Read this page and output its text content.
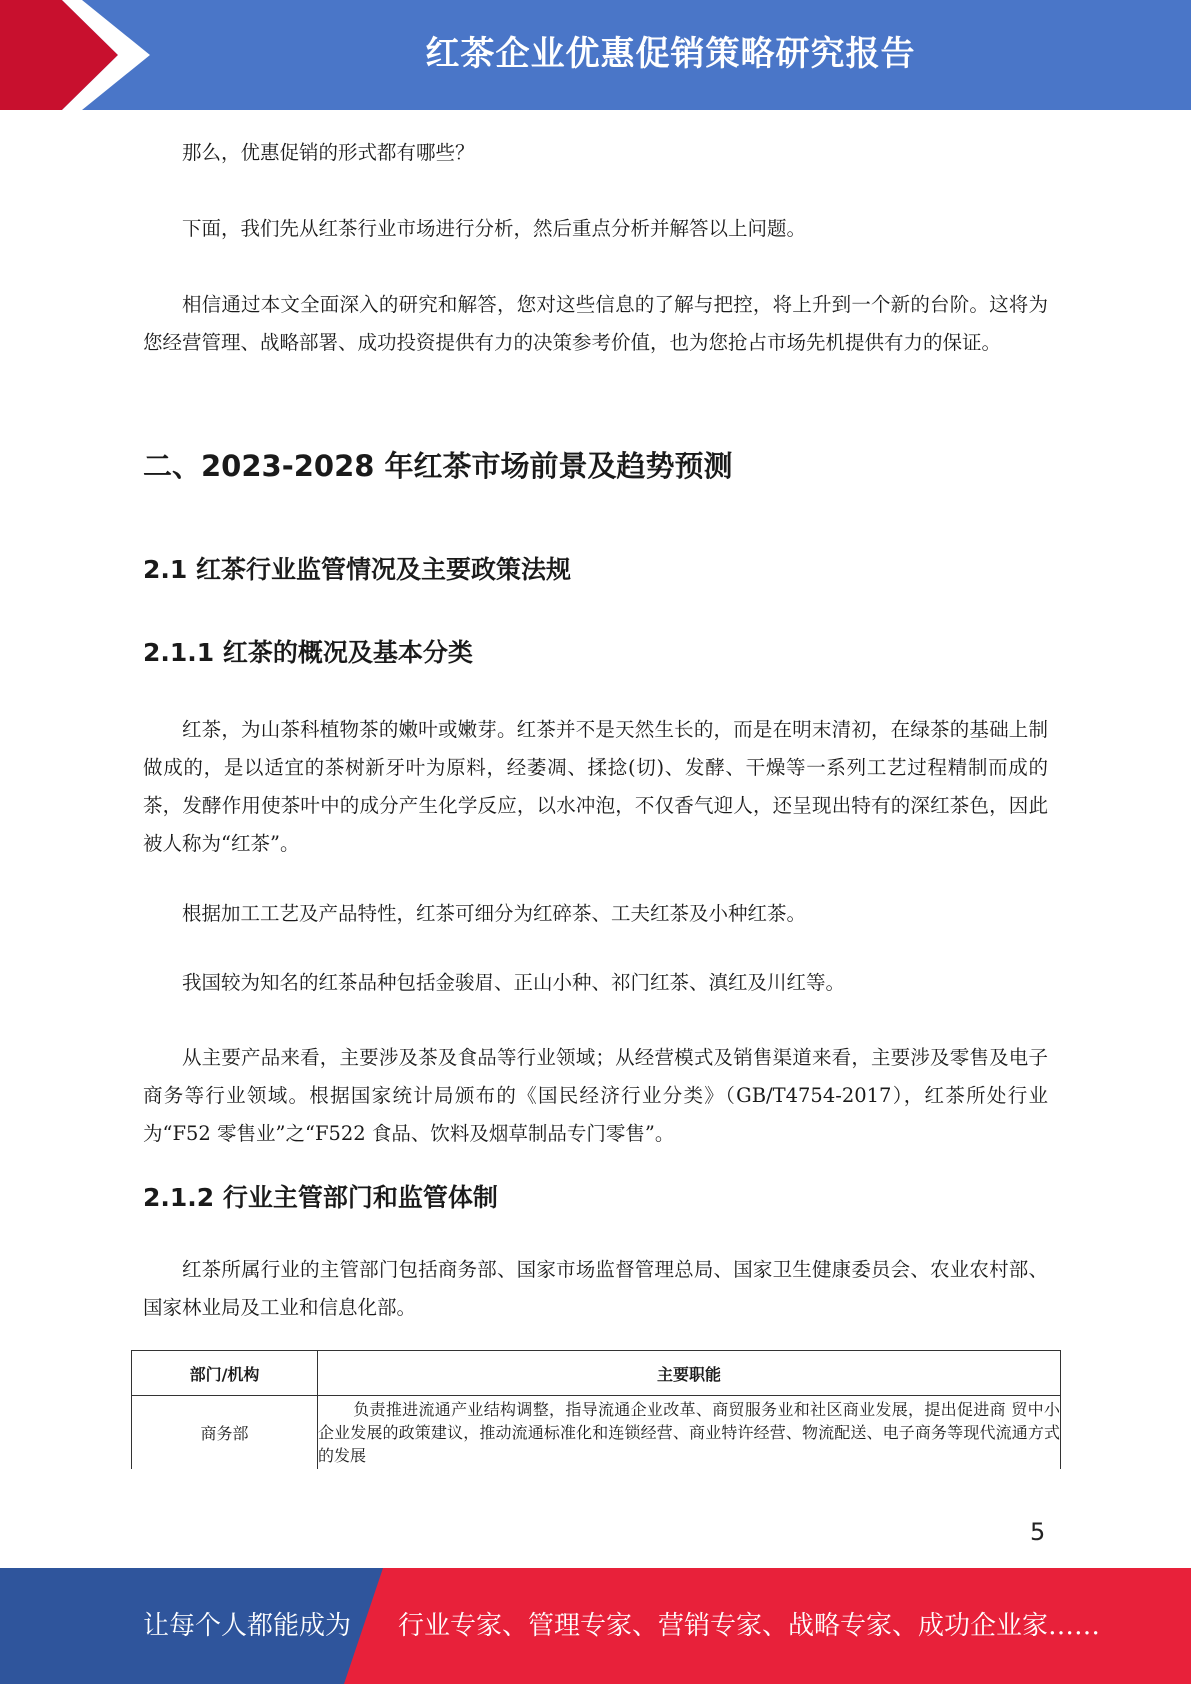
红茶企业优惠促销策略研究报告

那么，优惠促销的形式都有哪些？

下面，我们先从红茶行业市场进行分析，然后重点分析并解答以上问题。

相信通过本文全面深入的研究和解答，您对这些信息的了解与把控，将上升到一个新的台阶。这将为您经营管理、战略部署、成功投资提供有力的决策参考价值，也为您抢占市场先机提供有力的保证。

二、2023-2028 年红茶市场前景及趋势预测
2.1 红茶行业监管情况及主要政策法规
2.1.1 红茶的概况及基本分类

红茶，为山茶科植物茶的嫩叶或嫩芽。红茶并不是天然生长的，而是在明末清初，在绿茶的基础上制做成的，是以适宜的茶树新牙叶为原料，经萎凋、揉捻(切)、发酵、干燥等一系列工艺过程精制而成的茶，发酵作用使茶叶中的成分产生化学反应，以水冲泡，不仅香气迎人，还呈现出特有的深红茶色，因此被人称为“红茶”。

根据加工工艺及产品特性，红茶可细分为红碎茶、工夫红茶及小种红茶。

我国较为知名的红茶品种包括金骏眉、正山小种、祁门红茶、滇红及川红等。

从主要产品来看，主要涉及茶及食品等行业领域；从经营模式及销售渠道来看，主要涉及零售及电子商务等行业领域。根据国家统计局颁布的《国民经济行业分类》（GB/T4754-2017），红茶所处行业为“F52 零售业”之“F522 食品、饮料及烟草制品专门零售”。

2.1.2 行业主管部门和监管体制

红茶所属行业的主管部门包括商务部、国家市场监督管理总局、国家卫生健康委员会、农业农村部、国家林业局及工业和信息化部。

部门/机构	主要职能
商务部	负责推进流通产业结构调整，指导流通企业改革、商贸服务业和社区商业发展，提出促进商 贸中小企业发展的政策建议，推动流通标准化和连锁经营、商业特许经营、物流配送、电子商务等现代流通方式的发展
5
让每个人都能成为 行业专家、管理专家、营销专家、战略专家、成功企业家……
